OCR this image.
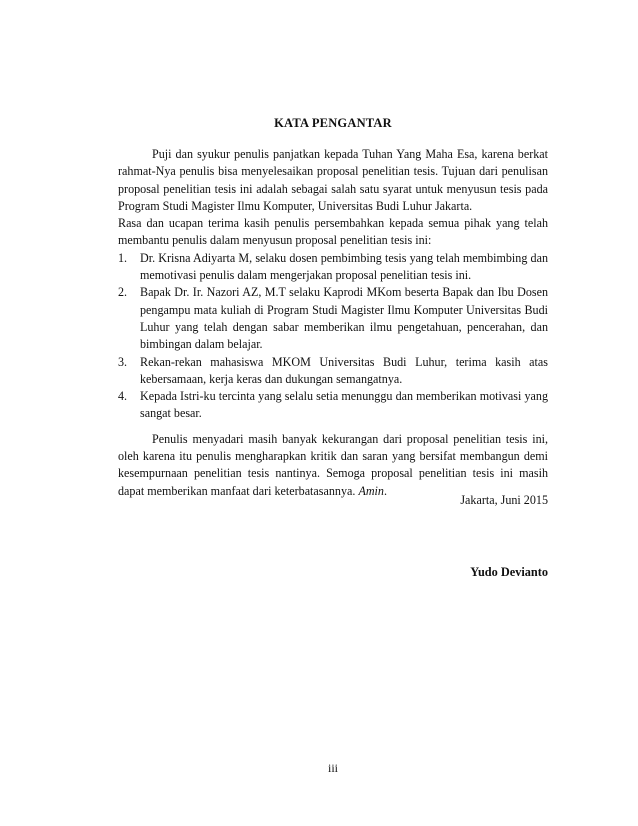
KATA PENGANTAR

Puji dan syukur penulis panjatkan kepada Tuhan Yang Maha Esa, karena berkat rahmat-Nya penulis bisa menyelesaikan proposal penelitian tesis. Tujuan dari penulisan proposal penelitian tesis ini adalah sebagai salah satu syarat untuk menyusun tesis pada Program Studi Magister Ilmu Komputer, Universitas Budi Luhur Jakarta.

Rasa dan ucapan terima kasih penulis persembahkan kepada semua pihak yang telah membantu penulis dalam menyusun proposal penelitian tesis ini:

1. Dr. Krisna Adiyarta M, selaku dosen pembimbing tesis yang telah membimbing dan memotivasi penulis dalam mengerjakan proposal penelitian tesis ini.
2. Bapak Dr. Ir. Nazori AZ, M.T selaku Kaprodi MKom beserta Bapak dan Ibu Dosen pengampu mata kuliah di Program Studi Magister Ilmu Komputer Universitas Budi Luhur yang telah dengan sabar memberikan ilmu pengetahuan, pencerahan, dan bimbingan dalam belajar.
3. Rekan-rekan mahasiswa MKOM Universitas Budi Luhur, terima kasih atas kebersamaan, kerja keras dan dukungan semangatnya.
4. Kepada Istri-ku tercinta yang selalu setia menunggu dan memberikan motivasi yang sangat besar.

Penulis menyadari masih banyak kekurangan dari proposal penelitian tesis ini, oleh karena itu penulis mengharapkan kritik dan saran yang bersifat membangun demi kesempurnaan penelitian tesis nantinya. Semoga proposal penelitian tesis ini masih dapat memberikan manfaat dari keterbatasannya. Amin.

Jakarta, Juni 2015
Yudo Devianto
iii
